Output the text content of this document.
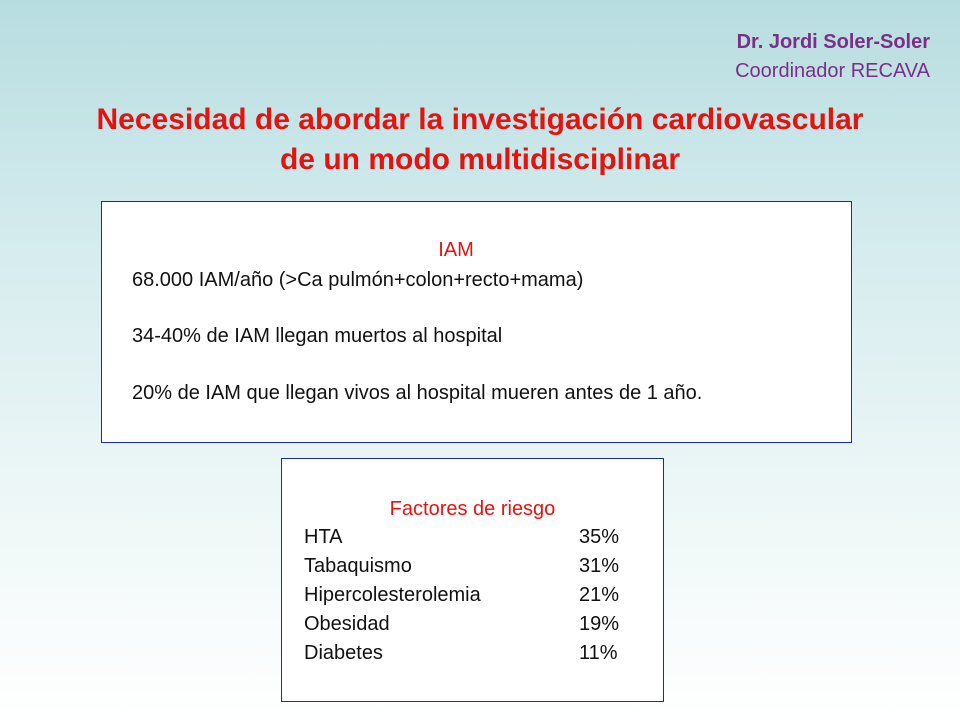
Dr. Jordi Soler-Soler
Coordinador RECAVA
Necesidad de abordar la investigación cardiovascular
de un modo multidisciplinar
IAM
68.000 IAM/año (>Ca pulmón+colon+recto+mama)
34-40% de IAM llegan muertos al hospital
20% de IAM que llegan vivos al hospital mueren antes de 1 año.
Factores de riesgo
HTA	35%
Tabaquismo	31%
Hipercolesterolemia	21%
Obesidad	19%
Diabetes	11%
